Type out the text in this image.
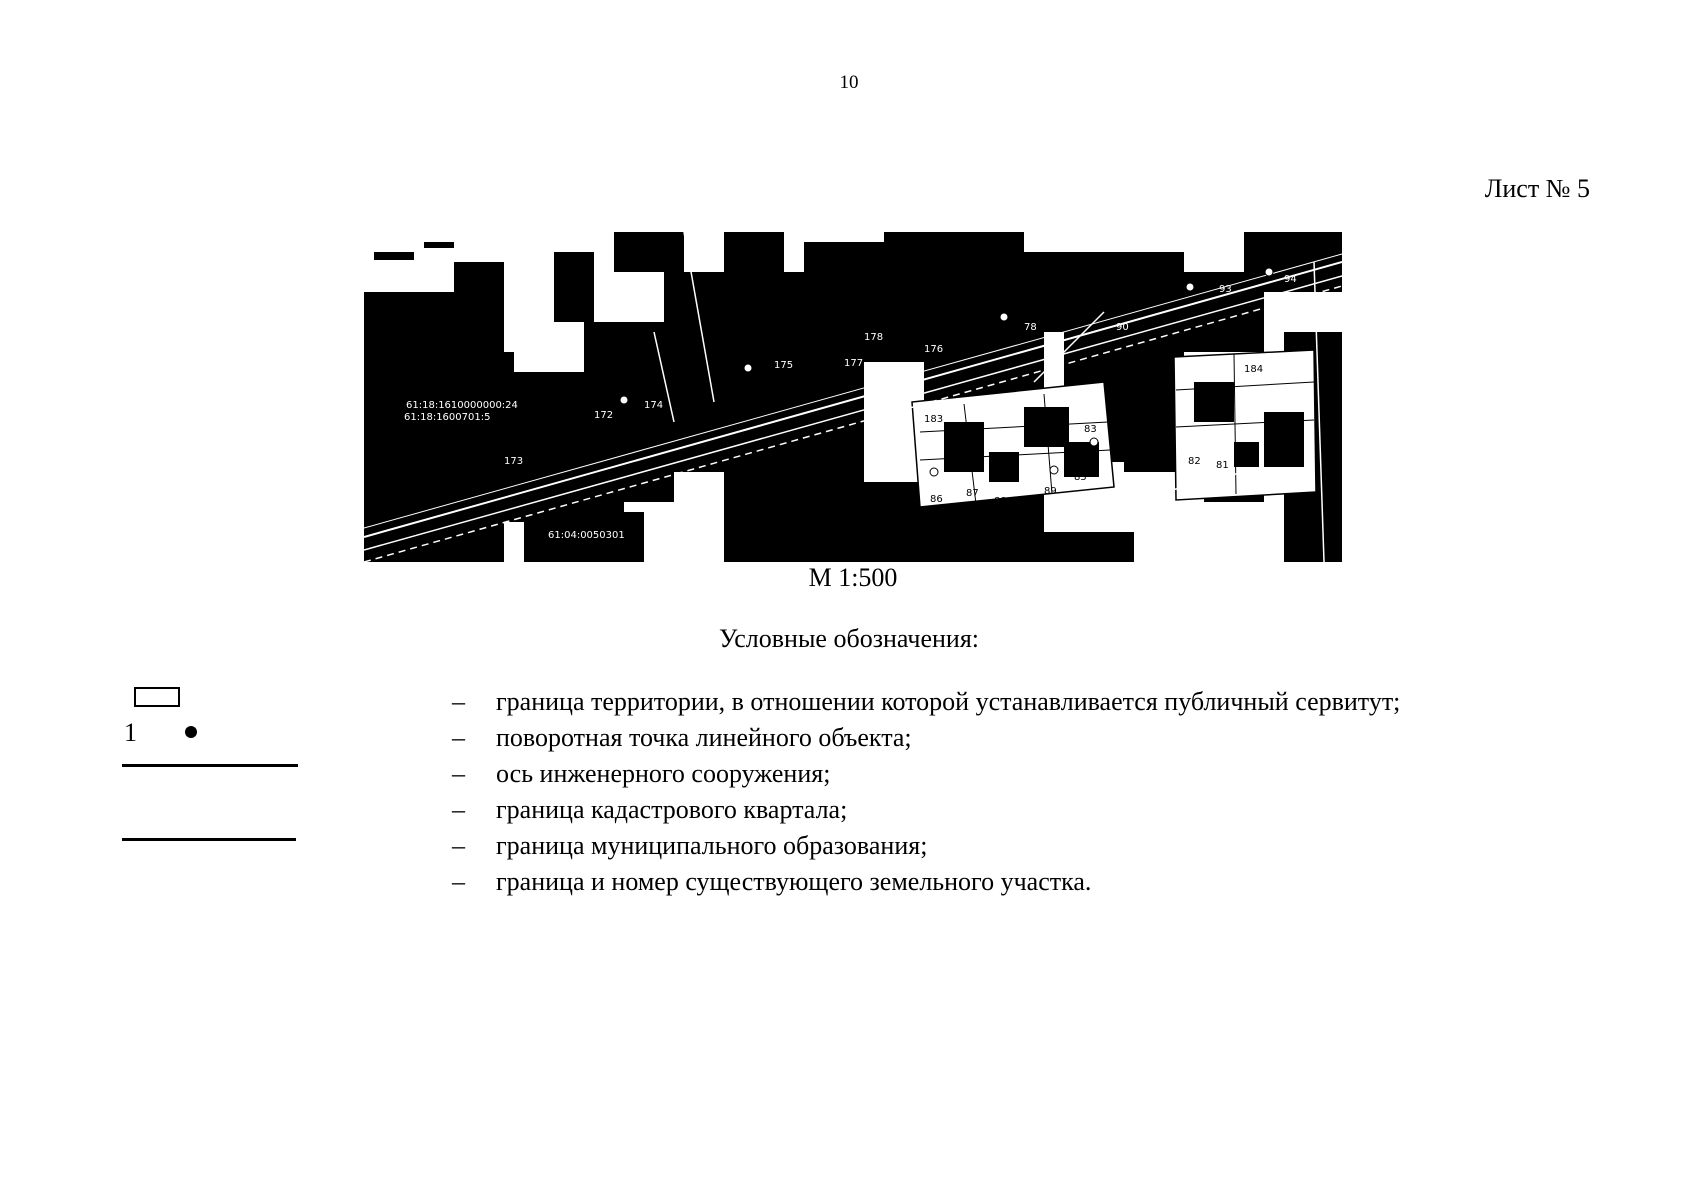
10
Лист № 5
61:18:1610000000:24
61:18:1600701:5
61:04:0050301
172
173
174
175	177
178
176
78	90
93
94
183
184
91
86
87
88
89
85
83
82 81
80
79
М 1:500
Условные обозначения:
1
–	граница территории, в отношении которой устанавливается публичный сервитут;
–	поворотная точка линейного объекта;
–	ось инженерного сооружения;
–	граница кадастрового квартала;
–	граница муниципального образования;
–	граница и номер существующего земельного участка.
